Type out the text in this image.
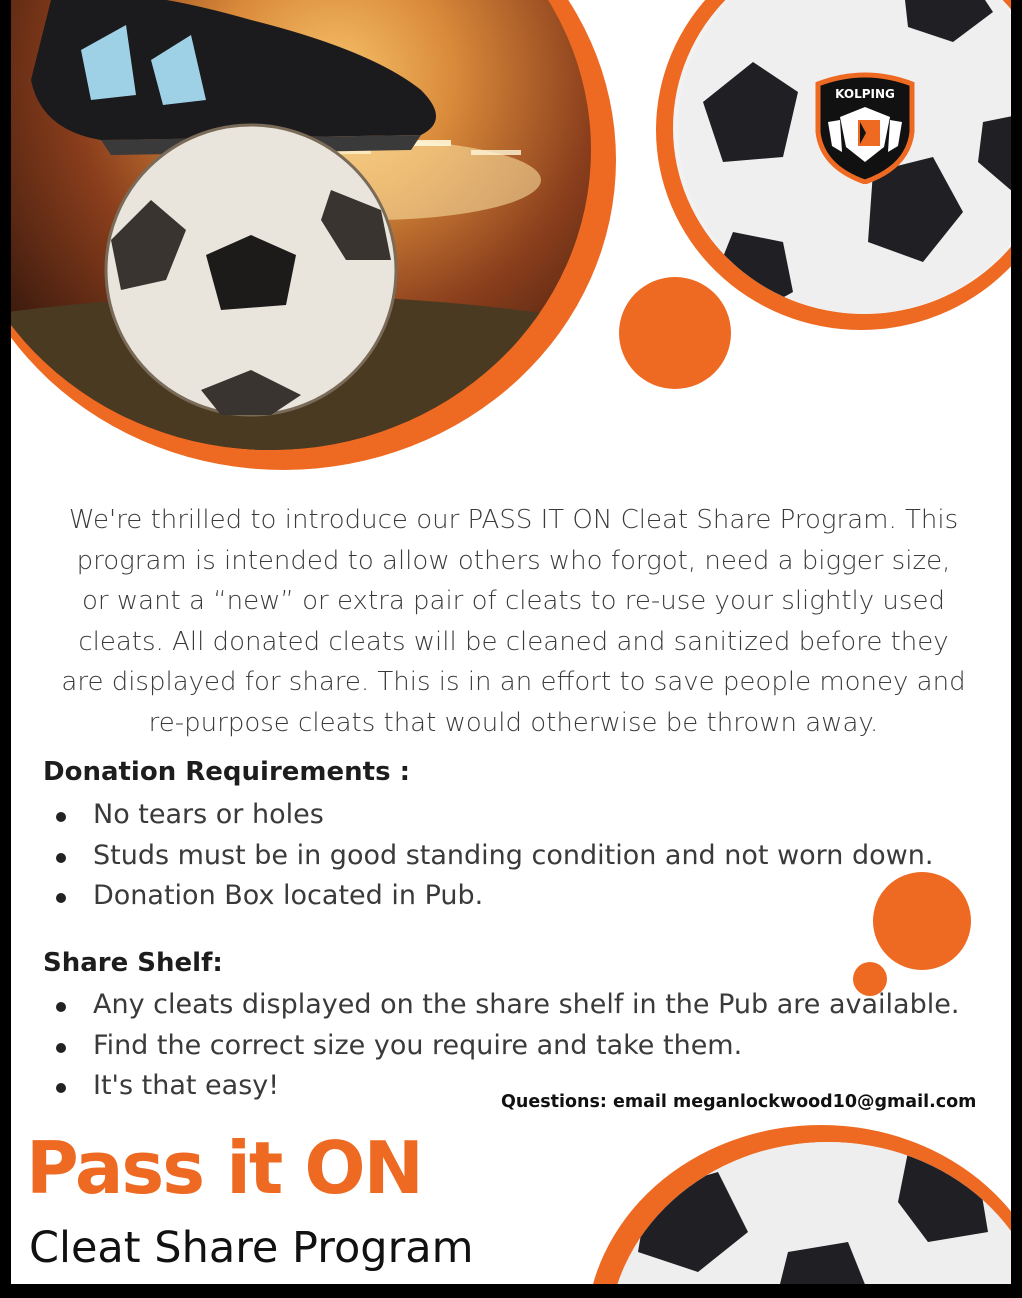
KOLPING
We're thrilled to introduce our PASS IT ON Cleat Share Program. This
program is intended to allow others who forgot, need a bigger size,
or want a “new” or extra pair of cleats to re-use your slightly used
cleats. All donated cleats will be cleaned and sanitized before they
are displayed for share. This is in an effort to save people money and
re-purpose cleats that would otherwise be thrown away.
Donation Requirements :
No tears or holes
Studs must be in good standing condition and not worn down.
Donation Box located in Pub.
Share Shelf:
Any cleats displayed on the share shelf in the Pub are available.
Find the correct size you require and take them.
It's that easy!
Questions: email meganlockwood10@gmail.com
Pass it ON
Cleat Share Program
